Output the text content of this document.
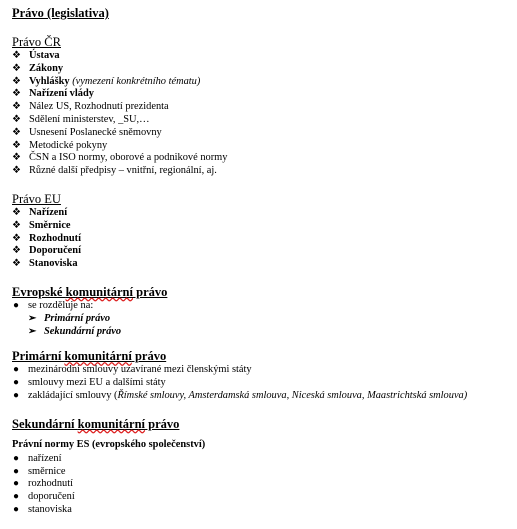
Právo (legislativa)
Právo ČR
❖ Ústava
❖ Zákony
❖ Vyhlášky (vymezení konkrétního tématu)
❖ Nařízení vlády
❖ Nález US, Rozhodnutí prezidenta
❖ Sdělení ministerstev, _SU,…
❖ Usnesení Poslanecké sněmovny
❖ Metodické pokyny
❖ ČSN a ISO normy, oborové a podnikové normy
❖ Různé další předpisy – vnitřní, regionální, aj.
Právo EU
❖ Nařízení
❖ Směrnice
❖ Rozhodnutí
❖ Doporučení
❖ Stanoviska
Evropské komunitární právo
● se rozděluje na:
➢ Primární právo
➢ Sekundární právo
Primární komunitární právo
● mezinárodní smlouvy uzavírané mezi členskými státy
● smlouvy mezi EU a dalšími státy
● zakládající smlouvy (Římské smlouvy, Amsterdamská smlouva, Niceská smlouva, Maastrichtská smlouva)
Sekundární komunitární právo
Právní normy ES (evropského společenství)
● nařízení
● směrnice
● rozhodnutí
● doporučení
● stanoviska
